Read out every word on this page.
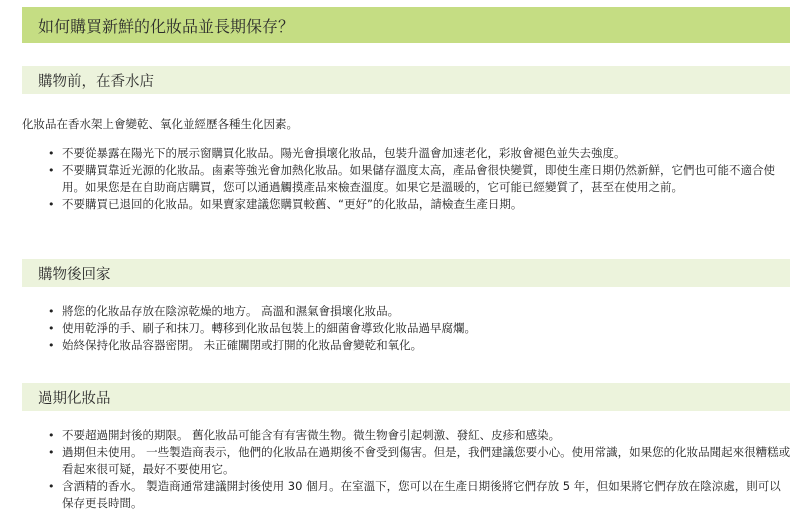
如何購買新鮮的化妝品並長期保存？
購物前，在香水店
化妝品在香水架上會變乾、氧化並經歷各種生化因素。
• 不要從暴露在陽光下的展示窗購買化妝品。陽光會損壞化妝品，包裝升溫會加速老化，彩妝會褪色並失去強度。
• 不要購買靠近光源的化妝品。鹵素等強光會加熱化妝品。如果儲存溫度太高，產品會很快變質，即使生產日期仍然新鮮，它們也可能不適合使用。如果您是在自助商店購買，您可以通過觸摸產品來檢查溫度。如果它是溫暖的，它可能已經變質了，甚至在使用之前。
• 不要購買已退回的化妝品。如果賣家建議您購買較舊、“更好”的化妝品，請檢查生產日期。
購物後回家
• 將您的化妝品存放在陰涼乾燥的地方。 高溫和濕氣會損壞化妝品。
• 使用乾淨的手、刷子和抹刀。轉移到化妝品包裝上的細菌會導致化妝品過早腐爛。
• 始終保持化妝品容器密閉。 未正確關閉或打開的化妝品會變乾和氧化。
過期化妝品
• 不要超過開封後的期限。 舊化妝品可能含有有害微生物。微生物會引起刺激、發紅、皮疹和感染。
• 過期但未使用。 一些製造商表示，他們的化妝品在過期後不會受到傷害。但是，我們建議您要小心。使用常識，如果您的化妝品聞起來很糟糕或看起來很可疑，最好不要使用它。
• 含酒精的香水。 製造商通常建議開封後使用 30 個月。在室溫下，您可以在生產日期後將它們存放 5 年，但如果將它們存放在陰涼處，則可以保存更長時間。
